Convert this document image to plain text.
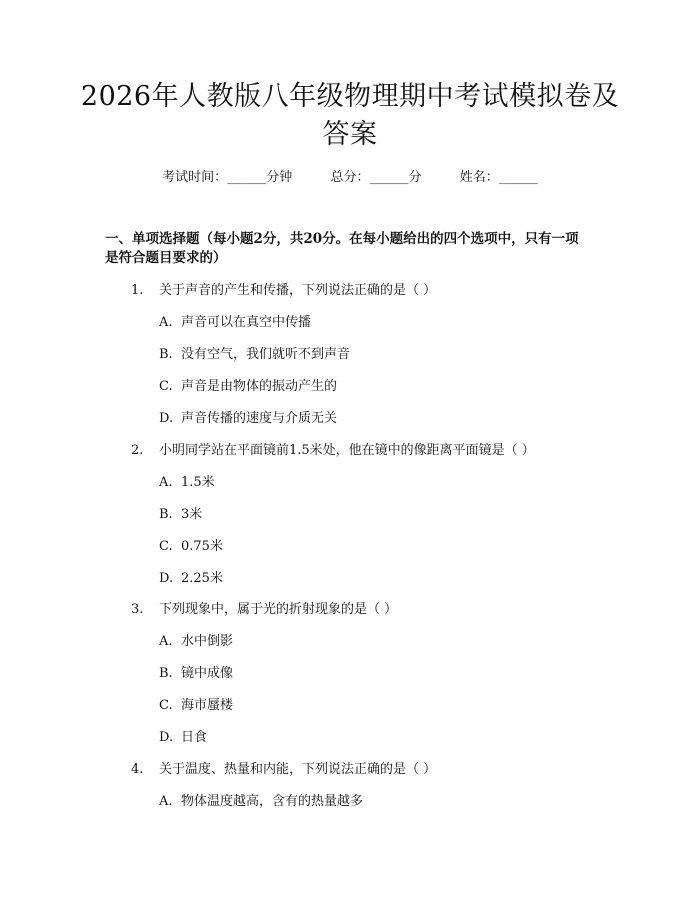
2026年人教版八年级物理期中考试模拟卷及
答案
考试时间：______分钟	总分：______分	姓名：______
一、单项选择题（每小题2分，共20分。在每小题给出的四个选项中，只有一项
是符合题目要求的）
1. 关于声音的产生和传播，下列说法正确的是（ ）
A. 声音可以在真空中传播
B. 没有空气，我们就听不到声音
C. 声音是由物体的振动产生的
D. 声音传播的速度与介质无关
2. 小明同学站在平面镜前1.5米处，他在镜中的像距离平面镜是（ ）
A. 1.5米
B. 3米
C. 0.75米
D. 2.25米
3. 下列现象中，属于光的折射现象的是（ ）
A. 水中倒影
B. 镜中成像
C. 海市蜃楼
D. 日食
4. 关于温度、热量和内能，下列说法正确的是（ ）
A. 物体温度越高，含有的热量越多
